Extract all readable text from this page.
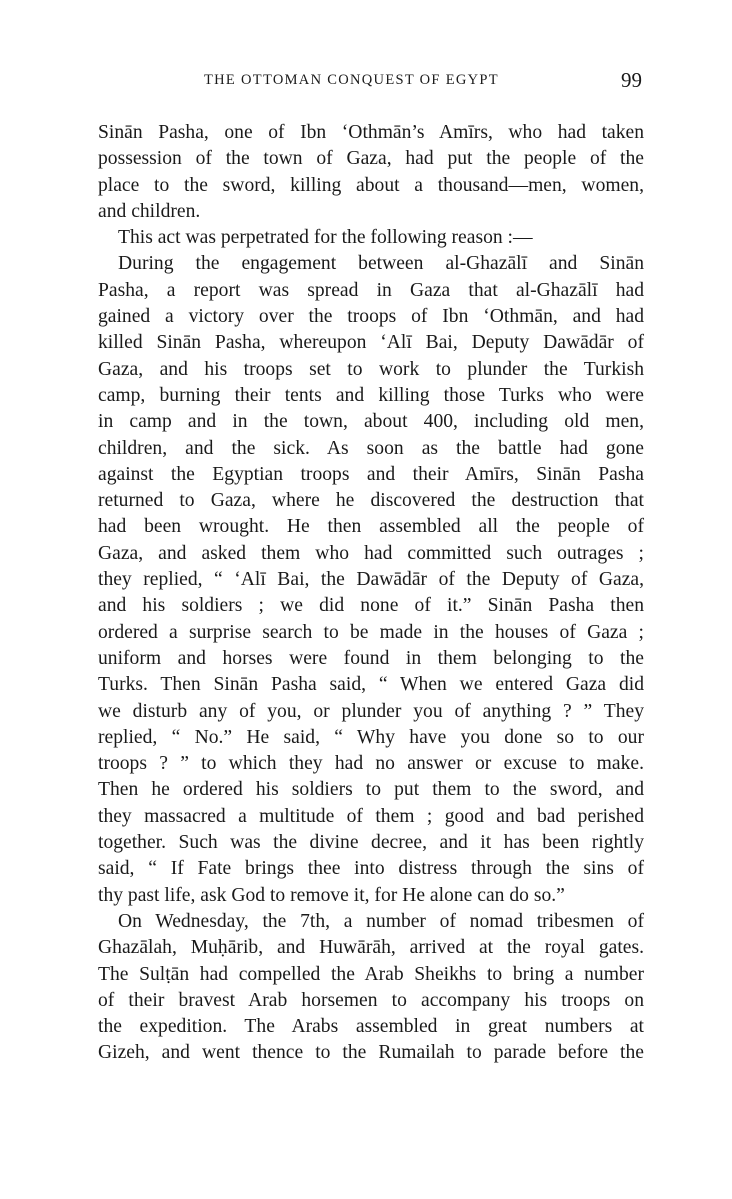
THE OTTOMAN CONQUEST OF EGYPT	99
Sinān Pasha, one of Ibn ‘Othmān’s Amīrs, who had taken
possession of the town of Gaza, had put the people of the
place to the sword, killing about a thousand—men, women,
and children.
This act was perpetrated for the following reason :—
During the engagement between al-Ghazālī and Sinān
Pasha, a report was spread in Gaza that al-Ghazālī had
gained a victory over the troops of Ibn ‘Othmān, and had
killed Sinān Pasha, whereupon ‘Alī Bai, Deputy Dawādār of
Gaza, and his troops set to work to plunder the Turkish
camp, burning their tents and killing those Turks who were
in camp and in the town, about 400, including old men,
children, and the sick. As soon as the battle had gone
against the Egyptian troops and their Amīrs, Sinān Pasha
returned to Gaza, where he discovered the destruction that
had been wrought. He then assembled all the people of
Gaza, and asked them who had committed such outrages ;
they replied, “ ‘Alī Bai, the Dawādār of the Deputy of Gaza,
and his soldiers ; we did none of it.” Sinān Pasha then
ordered a surprise search to be made in the houses of Gaza ;
uniform and horses were found in them belonging to the
Turks. Then Sinān Pasha said, “ When we entered Gaza did
we disturb any of you, or plunder you of anything ? ” They
replied, “ No.” He said, “ Why have you done so to our
troops ? ” to which they had no answer or excuse to make.
Then he ordered his soldiers to put them to the sword, and
they massacred a multitude of them ; good and bad perished
together. Such was the divine decree, and it has been rightly
said, “ If Fate brings thee into distress through the sins of
thy past life, ask God to remove it, for He alone can do so.”
On Wednesday, the 7th, a number of nomad tribesmen of
Ghazālah, Muḥārib, and Huwārāh, arrived at the royal gates.
The Sulṭān had compelled the Arab Sheikhs to bring a number
of their bravest Arab horsemen to accompany his troops on
the expedition. The Arabs assembled in great numbers at
Gizeh, and went thence to the Rumailah to parade before the
